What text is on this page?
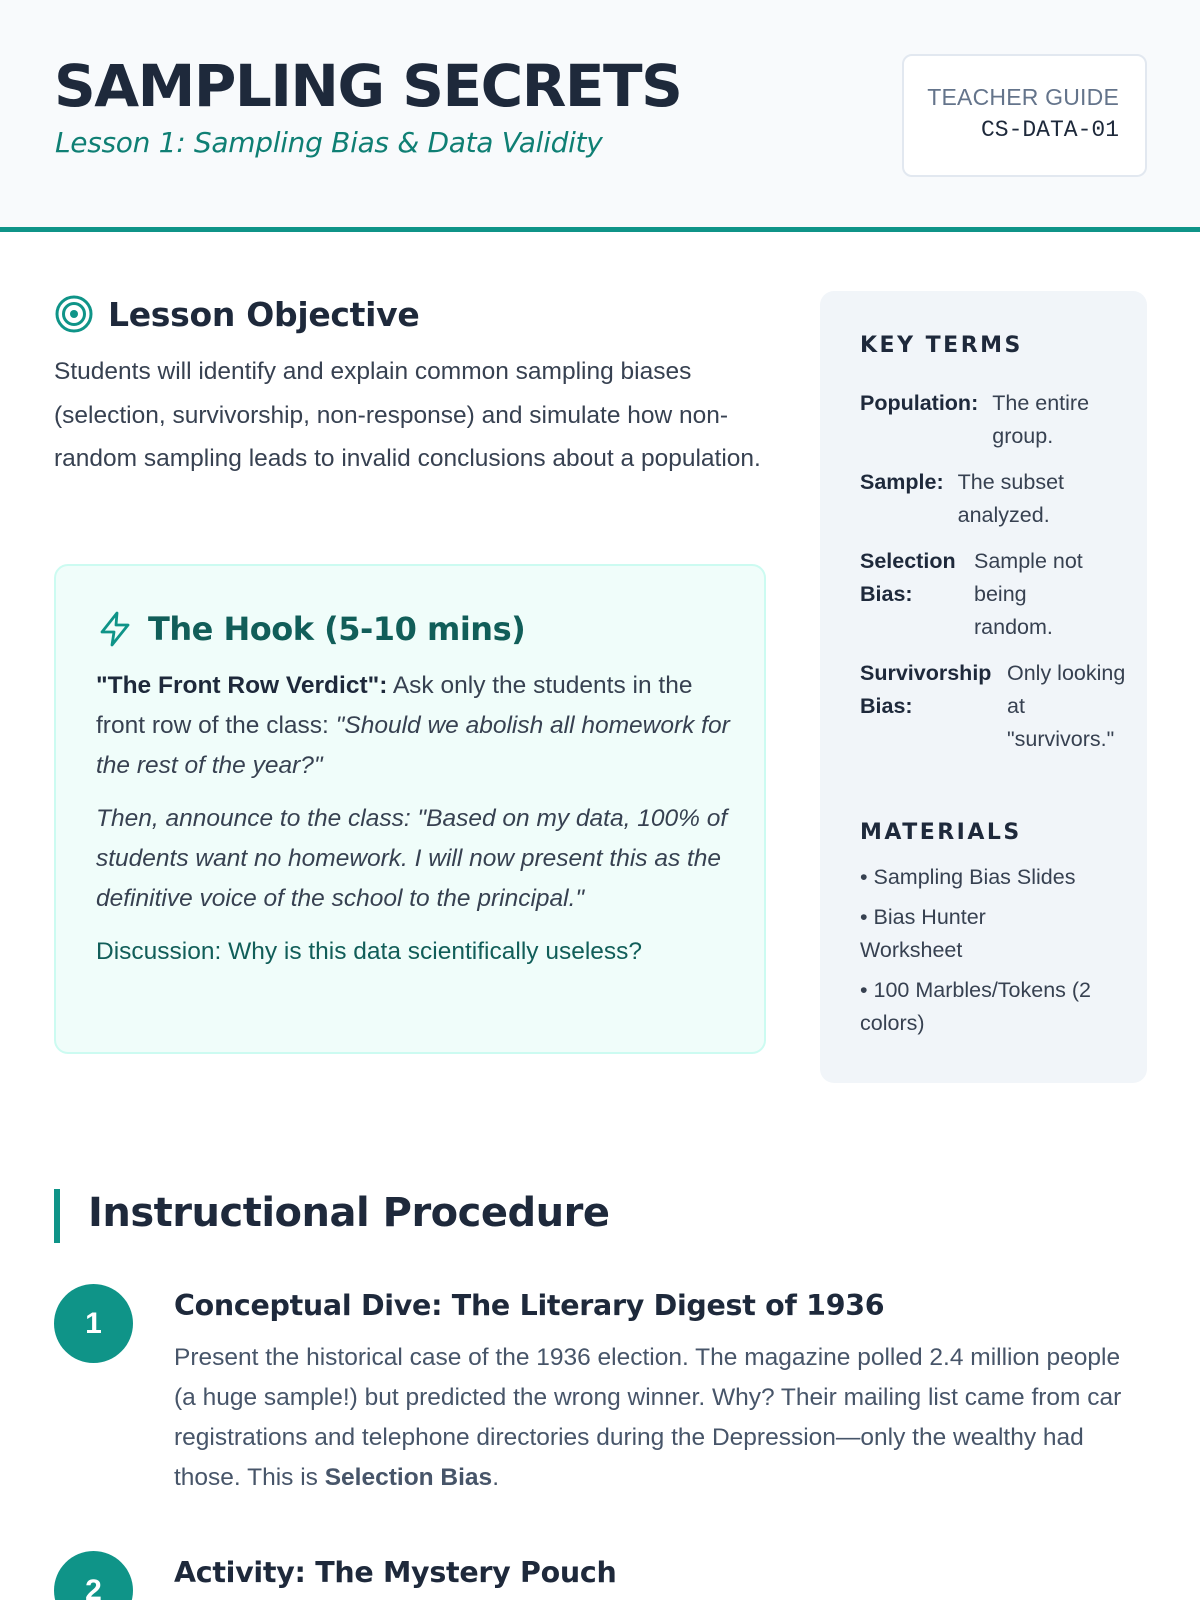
SAMPLING SECRETS
Lesson 1: Sampling Bias & Data Validity
TEACHER GUIDE
CS-DATA-01
Lesson Objective

Students will identify and explain common sampling biases (selection, survivorship, non-response) and simulate how non-random sampling leads to invalid conclusions about a population.

The Hook (5-10 mins)

"The Front Row Verdict": Ask only the students in the front row of the class: "Should we abolish all homework for the rest of the year?"

Then, announce to the class: "Based on my data, 100% of students want no homework. I will now present this as the definitive voice of the school to the principal."

Discussion: Why is this data scientifically useless?

KEY TERMS
Population: The entire group.
Sample: The subset analyzed.
Selection Bias:
Sample not being random.
Survivorship Bias:
Only looking at "survivors."
MATERIALS
• Sampling Bias Slides
• Bias Hunter Worksheet
• 100 Marbles/Tokens (2 colors)
Instructional Procedure
1
Conceptual Dive: The Literary Digest of 1936

Present the historical case of the 1936 election. The magazine polled 2.4 million people (a huge sample!) but predicted the wrong winner. Why? Their mailing list came from car registrations and telephone directories during the Depression—only the wealthy had those. This is Selection Bias.

2
Activity: The Mystery Pouch
